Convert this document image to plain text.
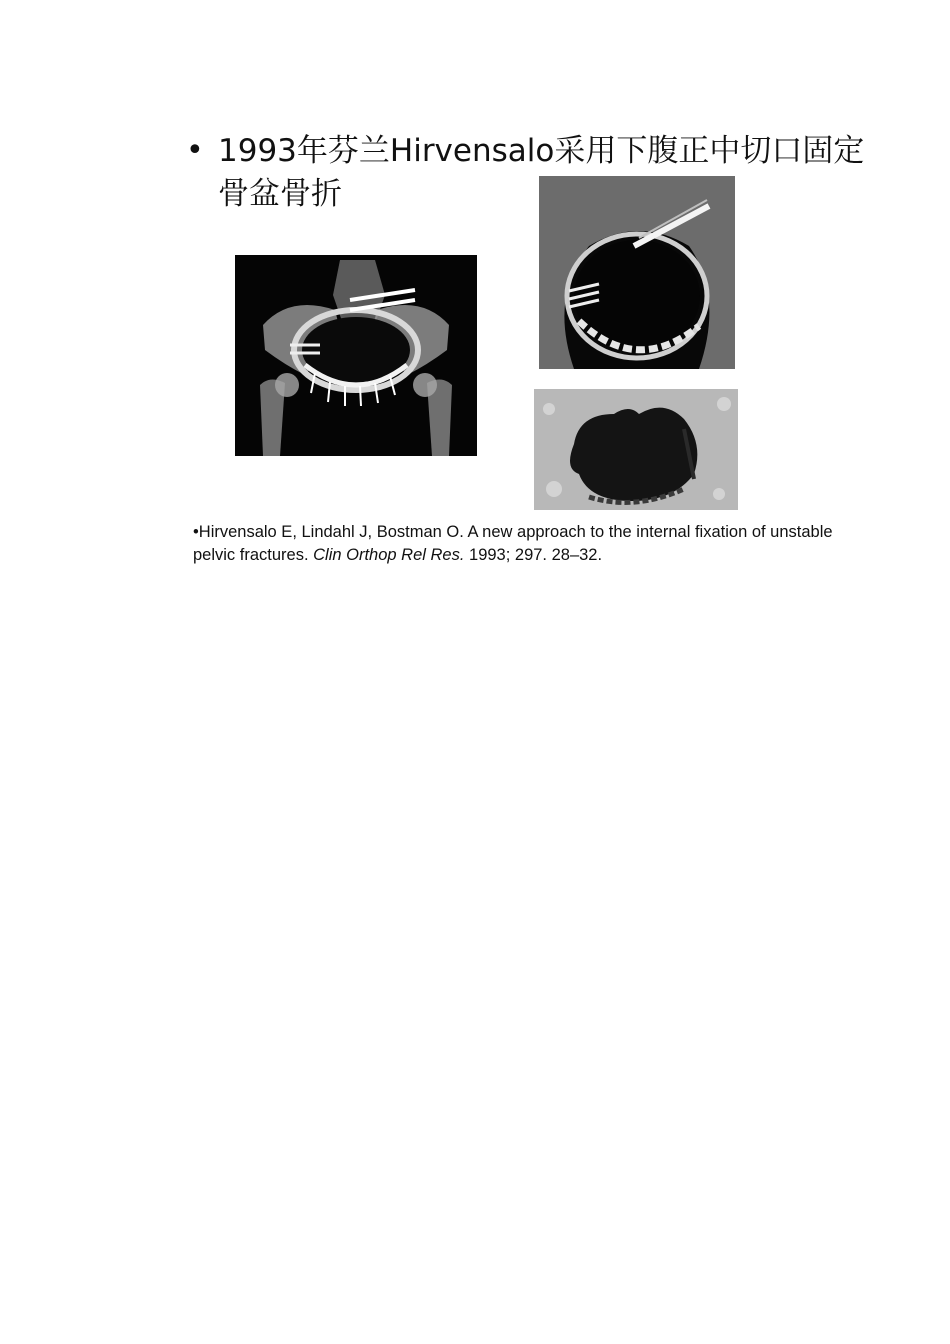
• 1993年芬兰Hirvensalo采用下腹正中切口固定骨盆骨折
•Hirvensalo E, Lindahl J, Bostman O. A new approach to the internal fixation of unstable pelvic fractures. Clin Orthop Rel Res. 1993; 297. 28–32.
